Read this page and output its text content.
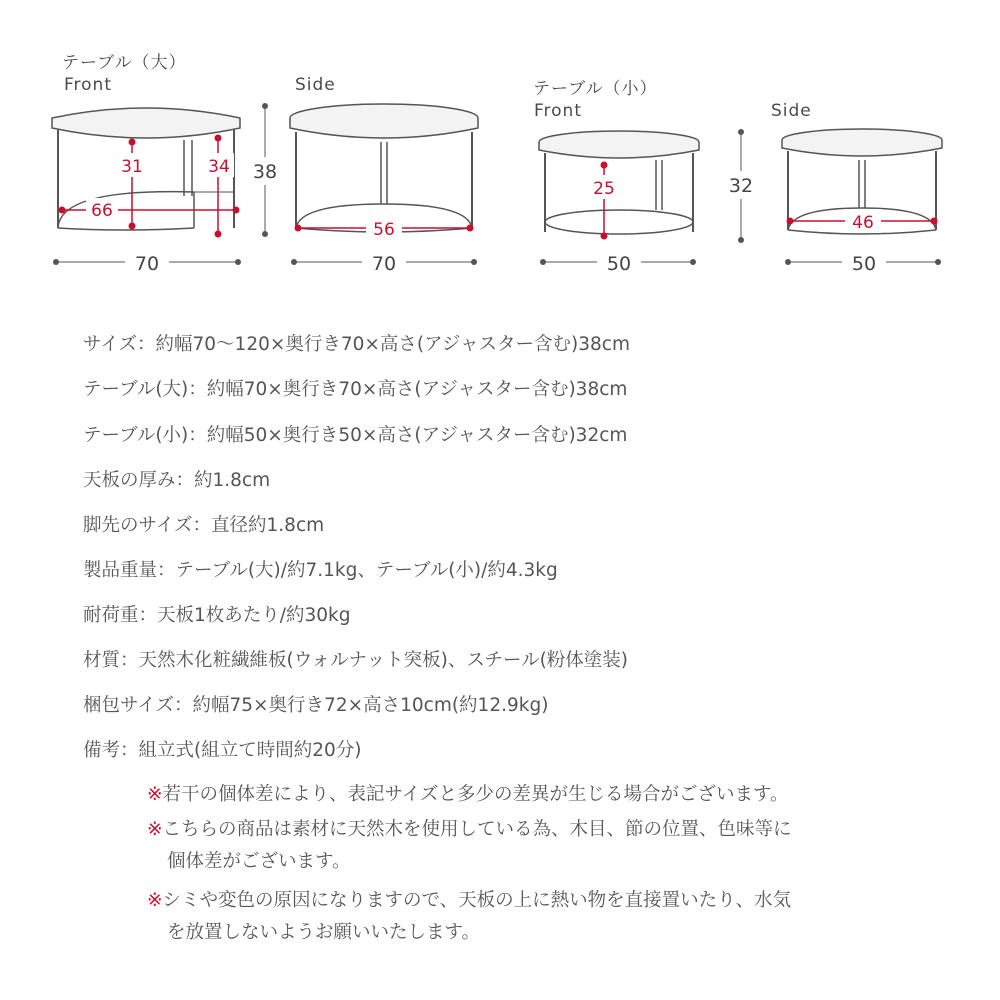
テーブル（大）
Front	Side	テーブル（小）
Front	Side
31	34
66
70
38
56
70
25
50
32
46
50
サイズ：約幅70〜120×奥行き70×高さ(アジャスター含む)38cm
テーブル(大)：約幅70×奥行き70×高さ(アジャスター含む)38cm
テーブル(小)：約幅50×奥行き50×高さ(アジャスター含む)32cm
天板の厚み：約1.8cm
脚先のサイズ：直径約1.8cm
製品重量：テーブル(大)/約7.1kg、テーブル(小)/約4.3kg
耐荷重：天板1枚あたり/約30kg
材質：天然木化粧繊維板(ウォルナット突板)、スチール(粉体塗装)
梱包サイズ：約幅75×奥行き72×高さ10cm(約12.9kg)
備考：組立式(組立て時間約20分)
※若干の個体差により、表記サイズと多少の差異が生じる場合がございます。
※こちらの商品は素材に天然木を使用している為、木目、節の位置、色味等に
個体差がございます。
※シミや変色の原因になりますので、天板の上に熱い物を直接置いたり、水気
を放置しないようお願いいたします。
